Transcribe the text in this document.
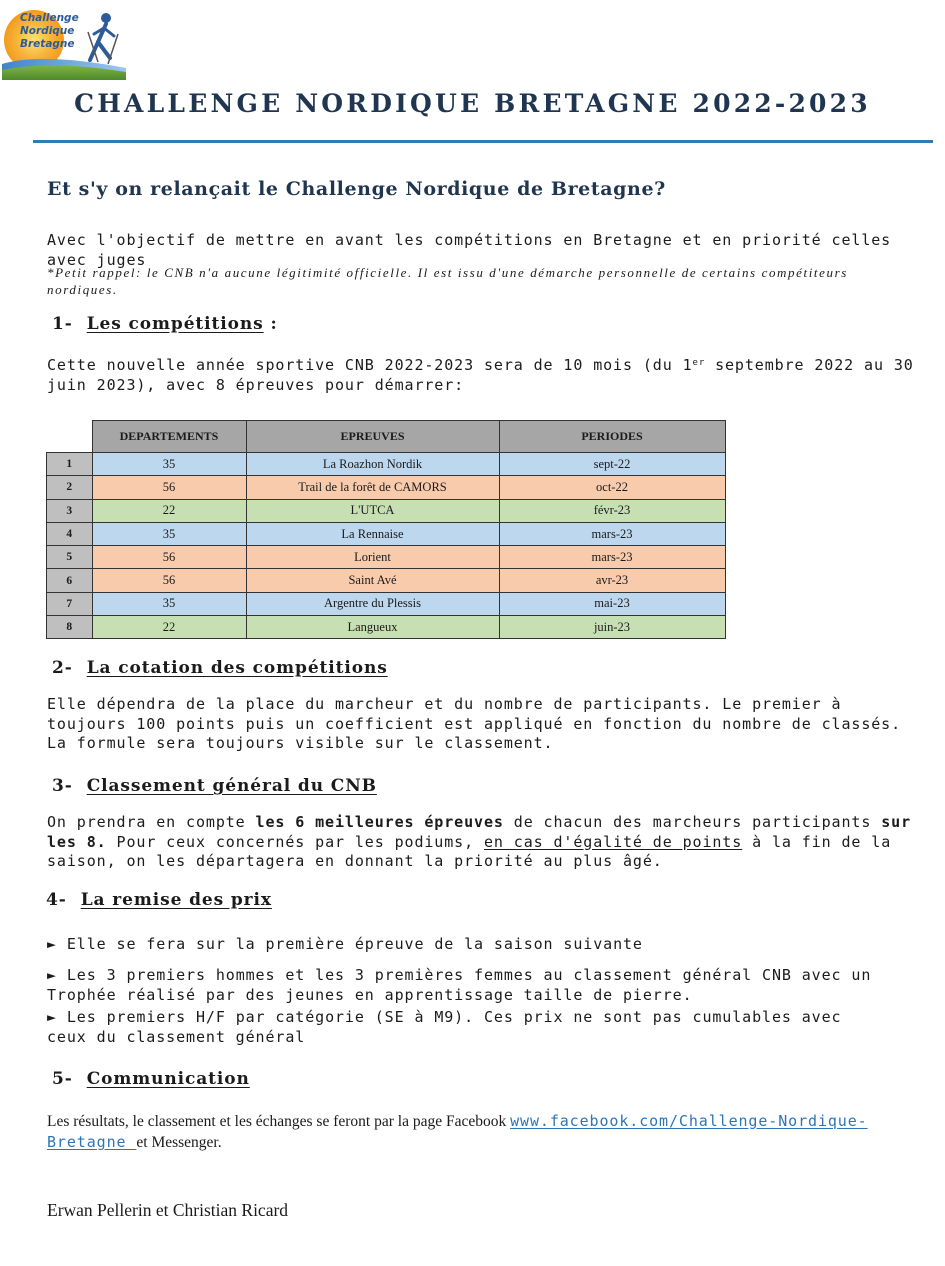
Challenge
Nordique
Bretagne
CHALLENGE NORDIQUE BRETAGNE 2022-2023
Et s'y on relançait le Challenge Nordique de Bretagne?
Avec l'objectif de mettre en avant les compétitions en Bretagne et en priorité celles avec juges
*Petit rappel: le CNB n'a aucune légitimité officielle. Il est issu d'une démarche personnelle de certains compétiteurs nordiques.
1- Les compétitions :
Cette nouvelle année sportive CNB 2022-2023 sera de 10 mois (du 1er septembre 2022 au 30 juin 2023), avec 8 épreuves pour démarrer:
	DEPARTEMENTS	EPREUVES	PERIODES
1	35	La Roazhon Nordik	sept-22
2	56	Trail de la forêt de CAMORS	oct-22
3	22	L'UTCA	févr-23
4	35	La Rennaise	mars-23
5	56	Lorient	mars-23
6	56	Saint Avé	avr-23
7	35	Argentre du Plessis	mai-23
8	22	Langueux	juin-23
2- La cotation des compétitions
Elle dépendra de la place du marcheur et du nombre de participants. Le premier à toujours 100 points puis un coefficient est appliqué en fonction du nombre de classés. La formule sera toujours visible sur le classement.
3- Classement général du CNB
On prendra en compte les 6 meilleures épreuves de chacun des marcheurs participants sur les 8. Pour ceux concernés par les podiums, en cas d'égalité de points à la fin de la saison, on les départagera en donnant la priorité au plus âgé.
4- La remise des prix
► Elle se fera sur la première épreuve de la saison suivante
► Les 3 premiers hommes et les 3 premières femmes au classement général CNB avec un Trophée réalisé par des jeunes en apprentissage taille de pierre.
► Les premiers H/F par catégorie (SE à M9). Ces prix ne sont pas cumulables avec ceux du classement général
5- Communication
Les résultats, le classement et les échanges se feront par la page Facebook www.facebook.com/Challenge-Nordique-Bretagne et Messenger.
Erwan Pellerin et Christian Ricard
